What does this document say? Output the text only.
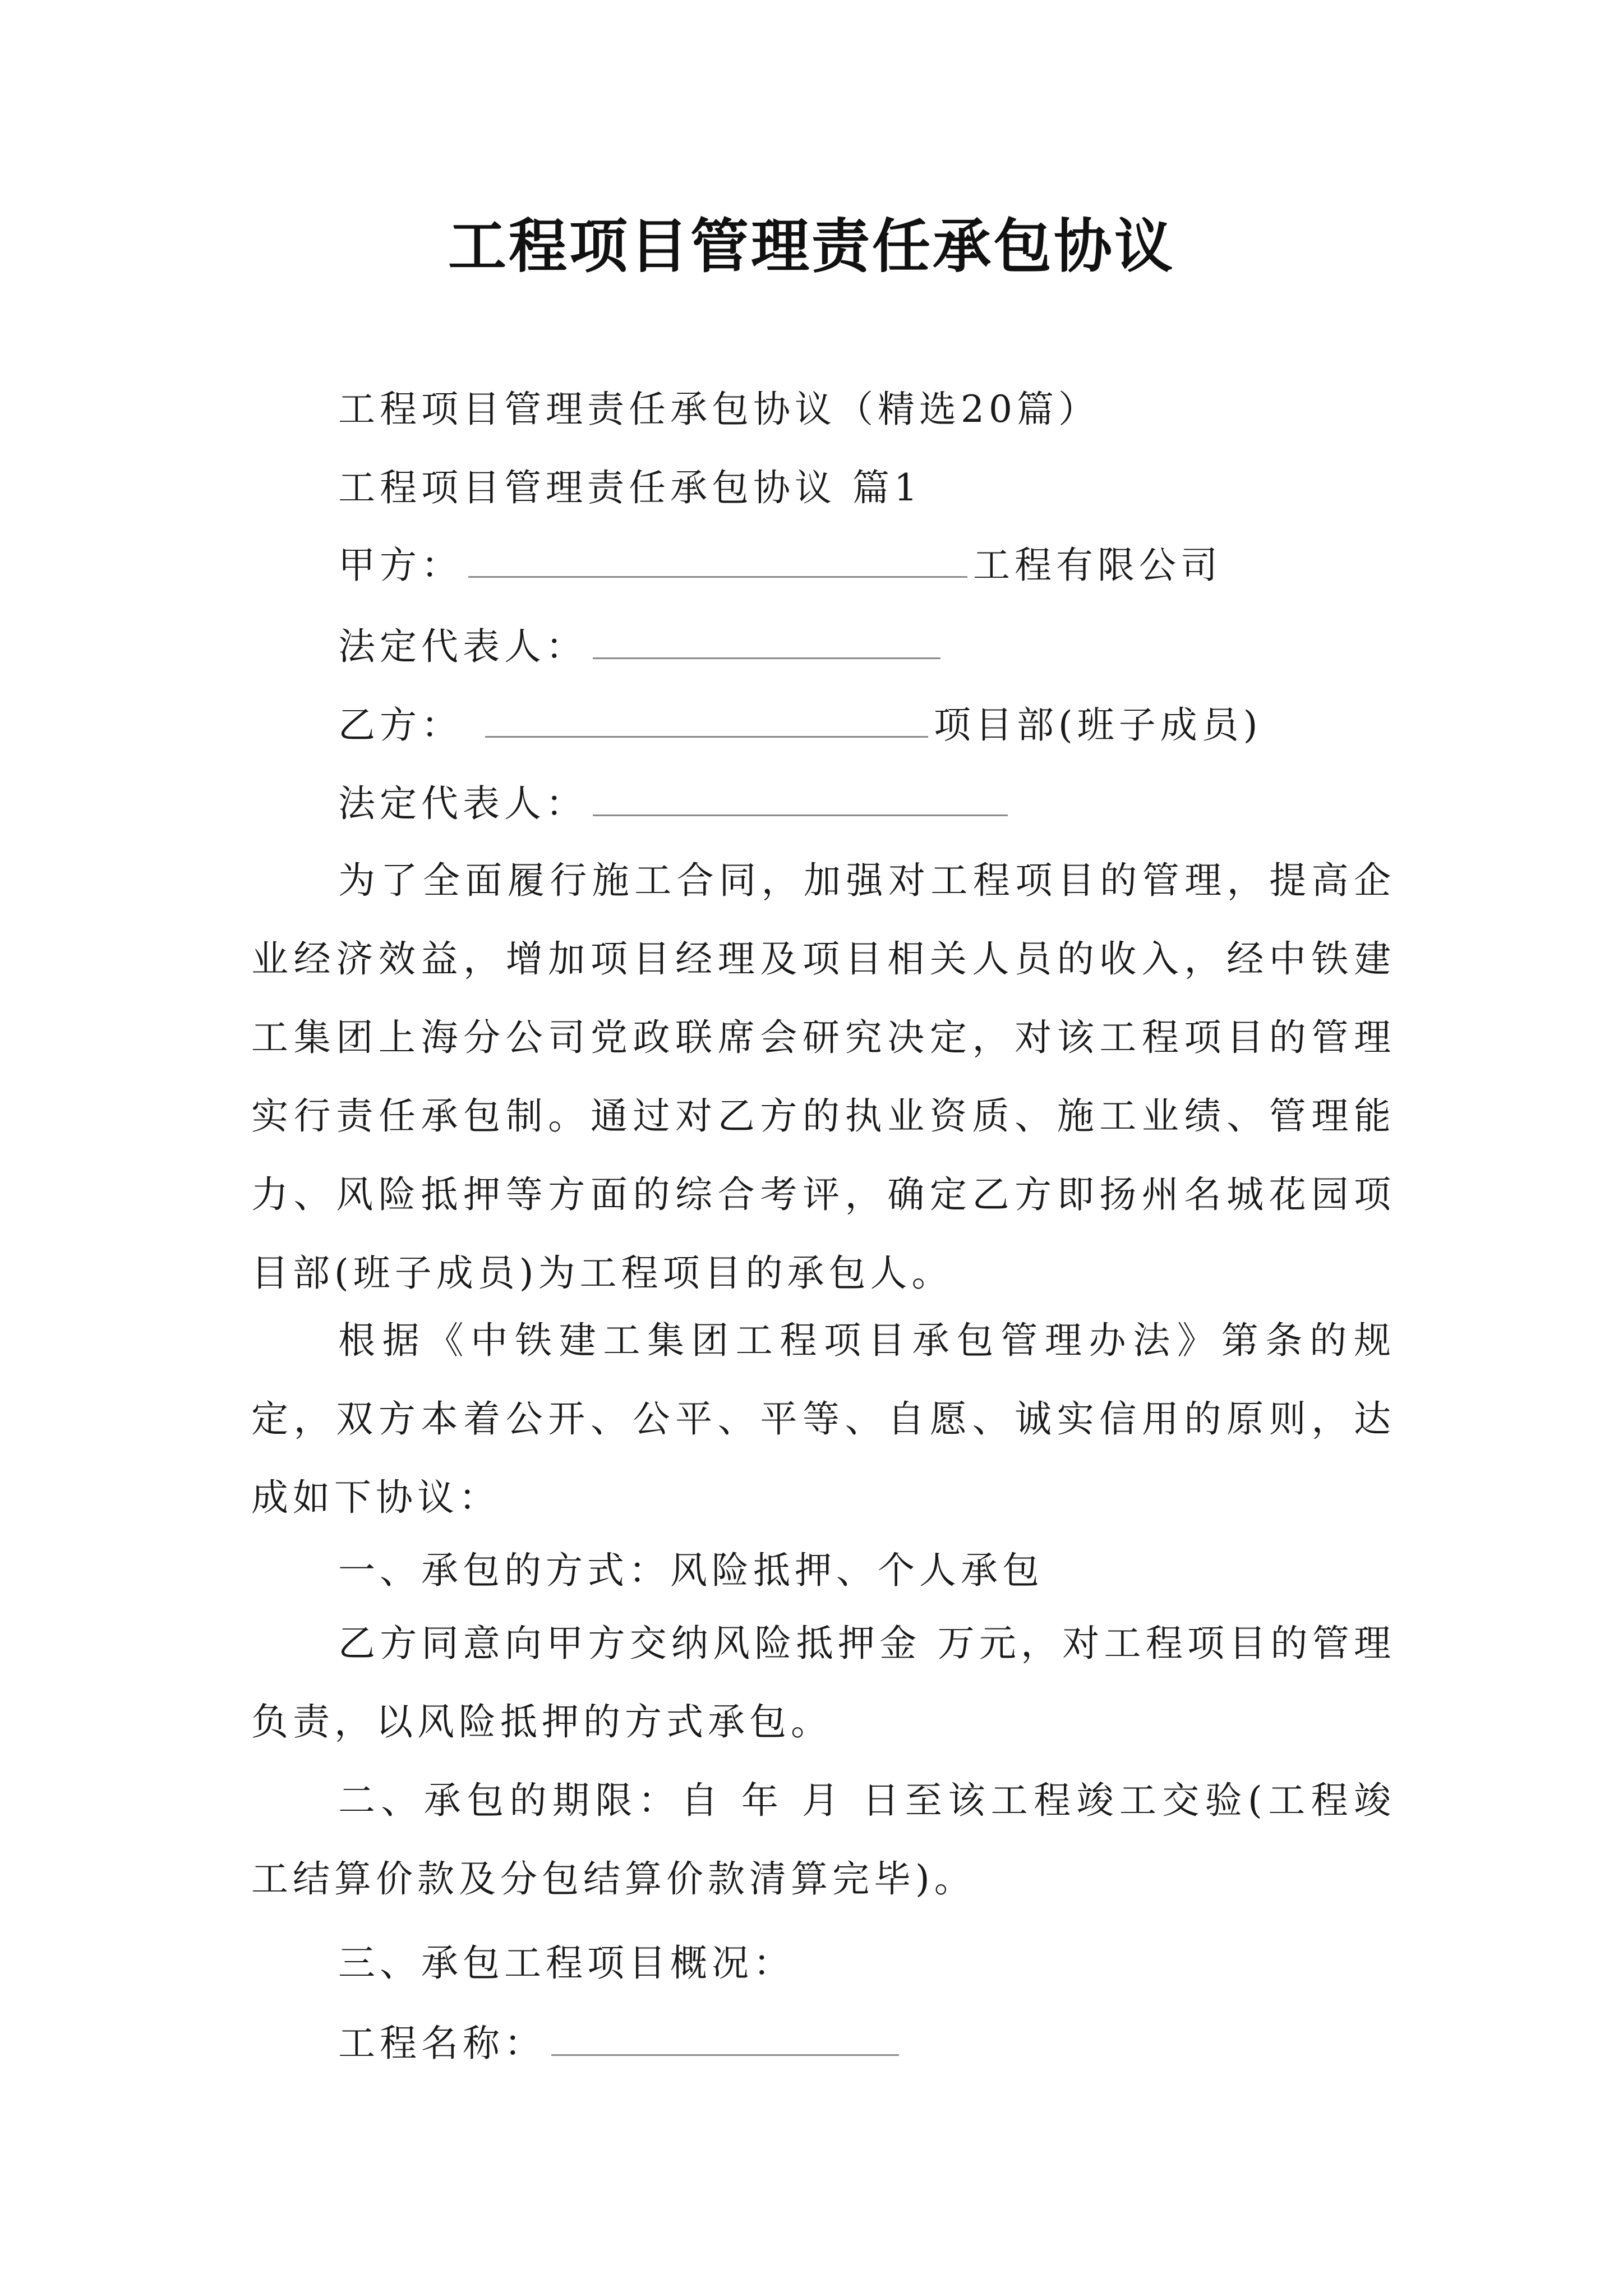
工程项目管理责任承包协议
工程项目管理责任承包协议（精选20篇）
工程项目管理责任承包协议 篇1
甲方：	工程有限公司
法定代表人：
乙方：	项目部(班子成员)
法定代表人：
为了全面履行施工合同，加强对工程项目的管理，提高企业经济效益，增加项目经理及项目相关人员的收入，经中铁建工集团上海分公司党政联席会研究决定，对该工程项目的管理实行责任承包制。通过对乙方的执业资质、施工业绩、管理能力、风险抵押等方面的综合考评，确定乙方即扬州名城花园项目部(班子成员)为工程项目的承包人。
根据《中铁建工集团工程项目承包管理办法》第条的规定，双方本着公开、公平、平等、自愿、诚实信用的原则，达成如下协议：
一、承包的方式：风险抵押、个人承包
乙方同意向甲方交纳风险抵押金 万元，对工程项目的管理负责，以风险抵押的方式承包。
二、承包的期限：自 年 月 日至该工程竣工交验(工程竣工结算价款及分包结算价款清算完毕)。
三、承包工程项目概况：
工程名称：
